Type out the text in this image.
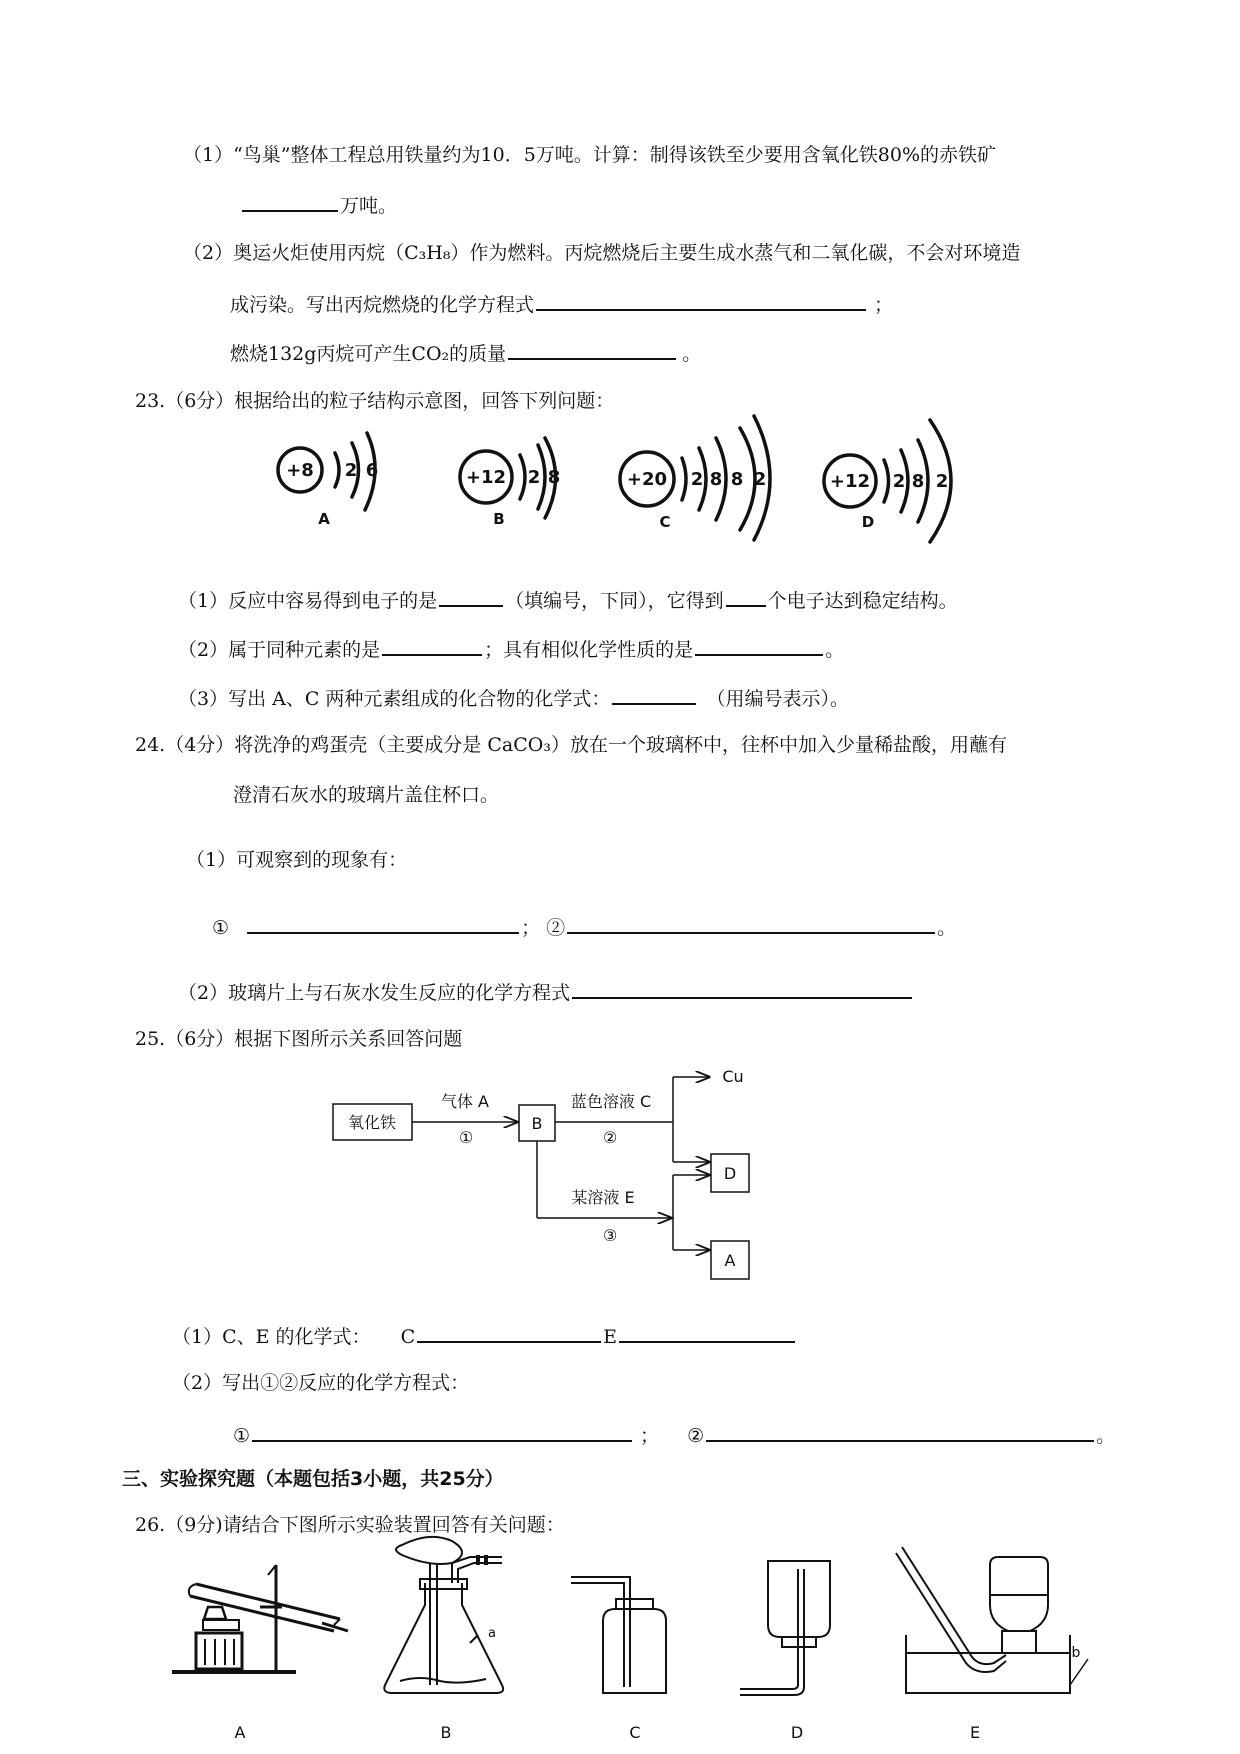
（1）“鸟巢”整体工程总用铁量约为10．5万吨。计算：制得该铁至少要用含氧化铁80%的赤铁矿
万吨。
（2）奥运火炬使用丙烷（C₃H₈）作为燃料。丙烷燃烧后主要生成水蒸气和二氧化碳，不会对环境造
成污染。写出丙烷燃烧的化学方程式	；
燃烧132g丙烷可产生CO₂的质量	。
23.（6分）根据给出的粒子结构示意图，回答下列问题：
+8 2 6
A
+12 2 8
B
+20 2 8 8 2
C
+12 2 8 2
D
（1）反应中容易得到电子的是	（填编号，下同），它得到 个电子达到稳定结构。
（2）属于同种元素的是	；具有相似化学性质的是	。
（3）写出 A、C 两种元素组成的化合物的化学式：	（用编号表示）。
24.（4分）将洗净的鸡蛋壳（主要成分是 CaCO₃）放在一个玻璃杯中，往杯中加入少量稀盐酸，用蘸有
澄清石灰水的玻璃片盖住杯口。
（1）可观察到的现象有：
①	； ②	。
（2）玻璃片上与石灰水发生反应的化学方程式
25.（6分）根据下图所示关系回答问题
氧化铁
气体 A
①
B
蓝色溶液 C
②
Cu
D
某溶液 E
③
A
（1）C、E 的化学式： C	E
（2）写出①②反应的化学方程式：
①	； ②	。
三、实验探究题（本题包括3小题，共25分）
26.（9分)请结合下图所示实验装置回答有关问题：
A	B	C	D	E
a
b
